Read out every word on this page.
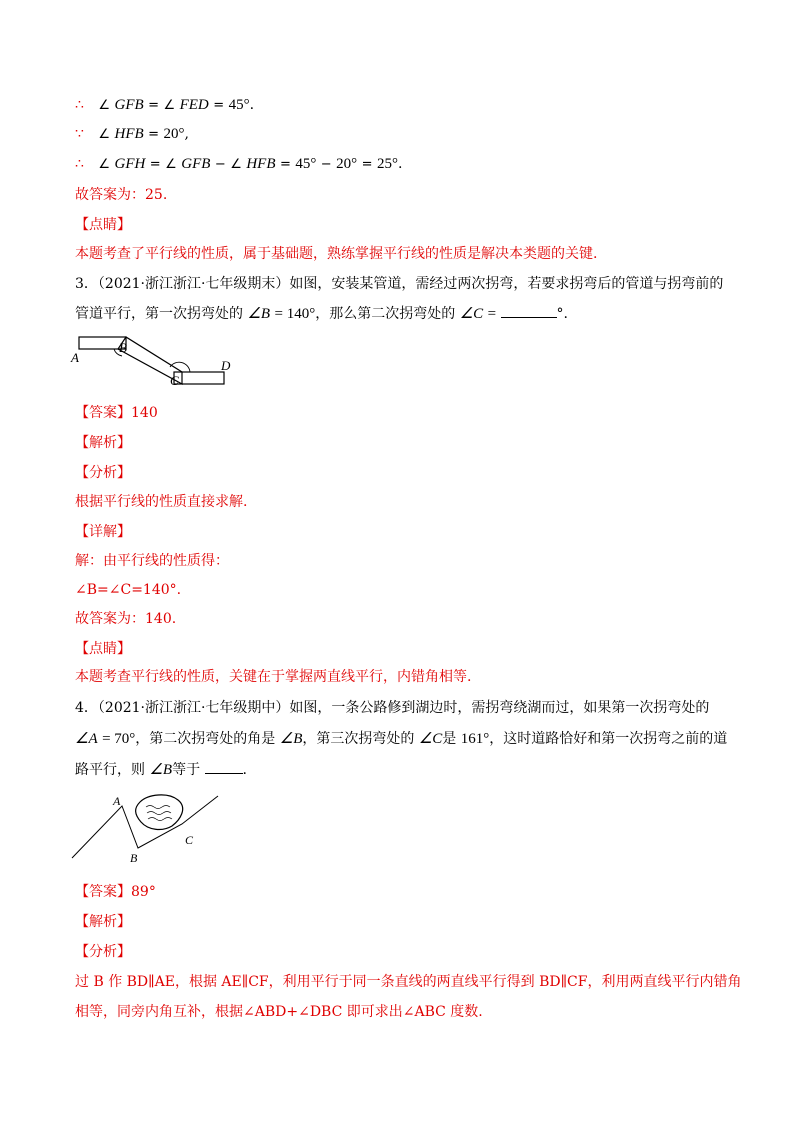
∴ ∠ GFB = ∠ FED = 45°.
∵ ∠ HFB = 20°,
∴ ∠ GFH = ∠ GFB − ∠ HFB = 45° − 20° = 25°.
故答案为：25.
【点睛】
本题考查了平行线的性质，属于基础题，熟练掌握平行线的性质是解决本类题的关键.
3．（2021·浙江浙江·七年级期末）如图，安装某管道，需经过两次拐弯，若要求拐弯后的管道与拐弯前的
管道平行，第一次拐弯处的 ∠B = 140°，那么第二次拐弯处的 ∠C =	°.
A
B
C
D
【答案】140
【解析】
【分析】
根据平行线的性质直接求解.
【详解】
解：由平行线的性质得：
∠B=∠C=140°.
故答案为：140.
【点睛】
本题考查平行线的性质，关键在于掌握两直线平行，内错角相等.
4．（2021·浙江浙江·七年级期中）如图，一条公路修到湖边时，需拐弯绕湖而过，如果第一次拐弯处的
∠A = 70°，第二次拐弯处的角是 ∠B，第三次拐弯处的 ∠C是 161°，这时道路恰好和第一次拐弯之前的道
路平行，则 ∠B等于	.
A
B
C
【答案】89°
【解析】
【分析】
过 B 作 BD∥AE，根据 AE∥CF，利用平行于同一条直线的两直线平行得到 BD∥CF，利用两直线平行内错角
相等，同旁内角互补，根据∠ABD+∠DBC 即可求出∠ABC 度数.
